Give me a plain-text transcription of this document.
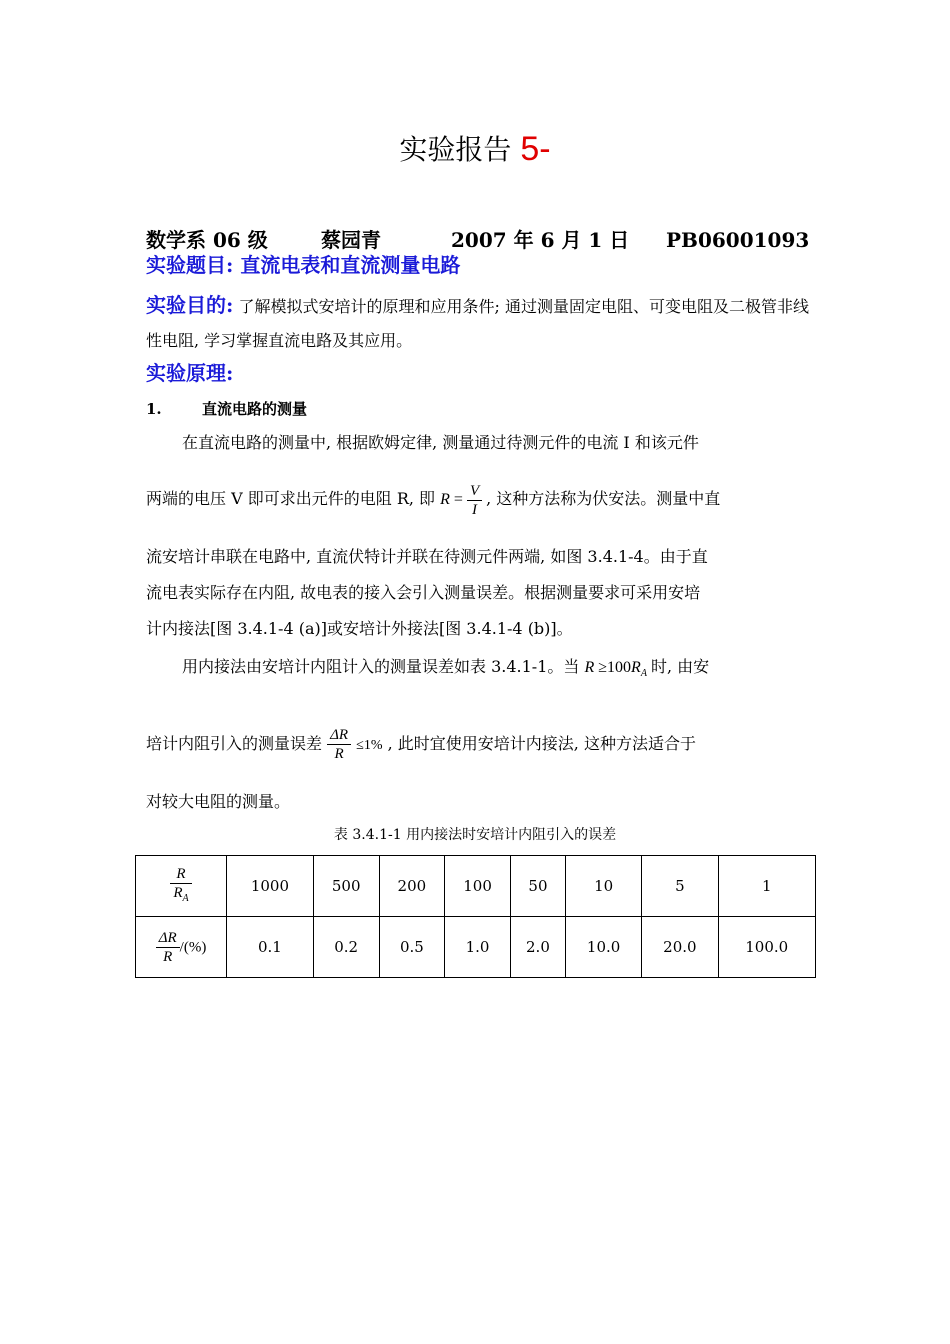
实验报告 5-
数学系 06 级	蔡园青	2007 年 6 月 1 日 PB06001093
实验题目: 直流电表和直流测量电路
实验目的: 了解模拟式安培计的原理和应用条件; 通过测量固定电阻、可变电阻及二极管非线性电阻, 学习掌握直流电路及其应用。
实验原理:
1.	直流电路的测量
在直流电路的测量中, 根据欧姆定律, 测量通过待测元件的电流 I 和该元件
两端的电压 V 即可求出元件的电阻 R, 即 $R = \frac{V}{I}$ , 这种方法称为伏安法。测量中直
流安培计串联在电路中, 直流伏特计并联在待测元件两端, 如图 3.4.1-4。由于直
流电表实际存在内阻, 故电表的接入会引入测量误差。根据测量要求可采用安培
计内接法[图 3.4.1-4 (a)]或安培计外接法[图 3.4.1-4 (b)]。
用内接法由安培计内阻计入的测量误差如表 3.4.1-1。当 $R \ge 100R_A$ 时, 由安
培计内阻引入的测量误差 $\frac{\Delta R}{R} \le 1\%$ , 此时宜使用安培计内接法, 这种方法适合于
对较大电阻的测量。
表 3.4.1-1 用内接法时安培计内阻引入的误差
$\frac{R}{R_A}$	1000	500	200	100	50	10	5	1

$\frac{\Delta R}{R}$ /(%)	0.1	0.2	0.5	1.0	2.0	10.0	20.0	100.0
